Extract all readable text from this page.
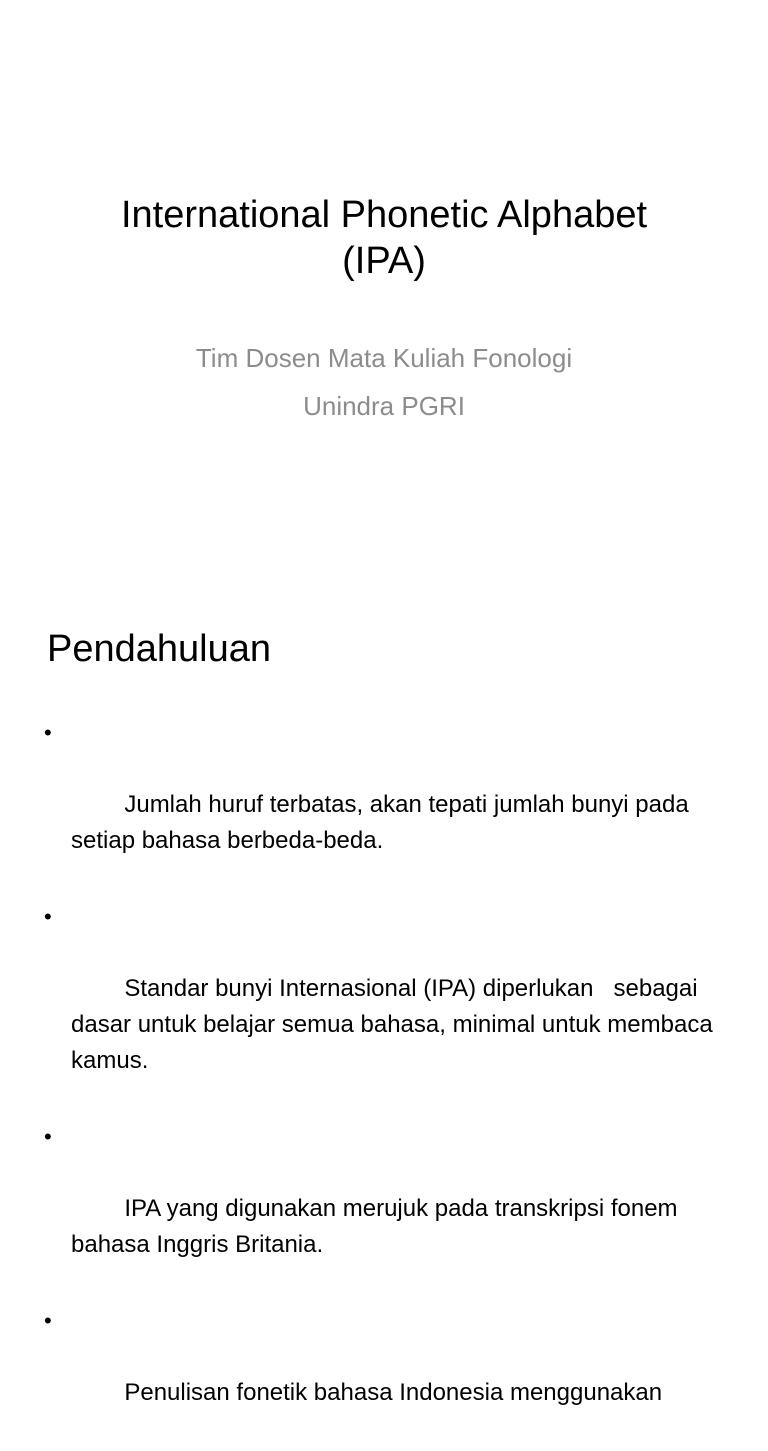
International Phonetic Alphabet
(IPA)
Tim Dosen Mata Kuliah Fonologi
Unindra PGRI
Pendahuluan

•

Jumlah huruf terbatas, akan tepati jumlah bunyi pada setiap bahasa berbeda-beda.

•

Standar bunyi Internasional (IPA) diperlukan   sebagai dasar untuk belajar semua bahasa, minimal untuk membaca kamus.

•

IPA yang digunakan merujuk pada transkripsi fonem bahasa Inggris Britania.

•

Penulisan fonetik bahasa Indonesia menggunakan
